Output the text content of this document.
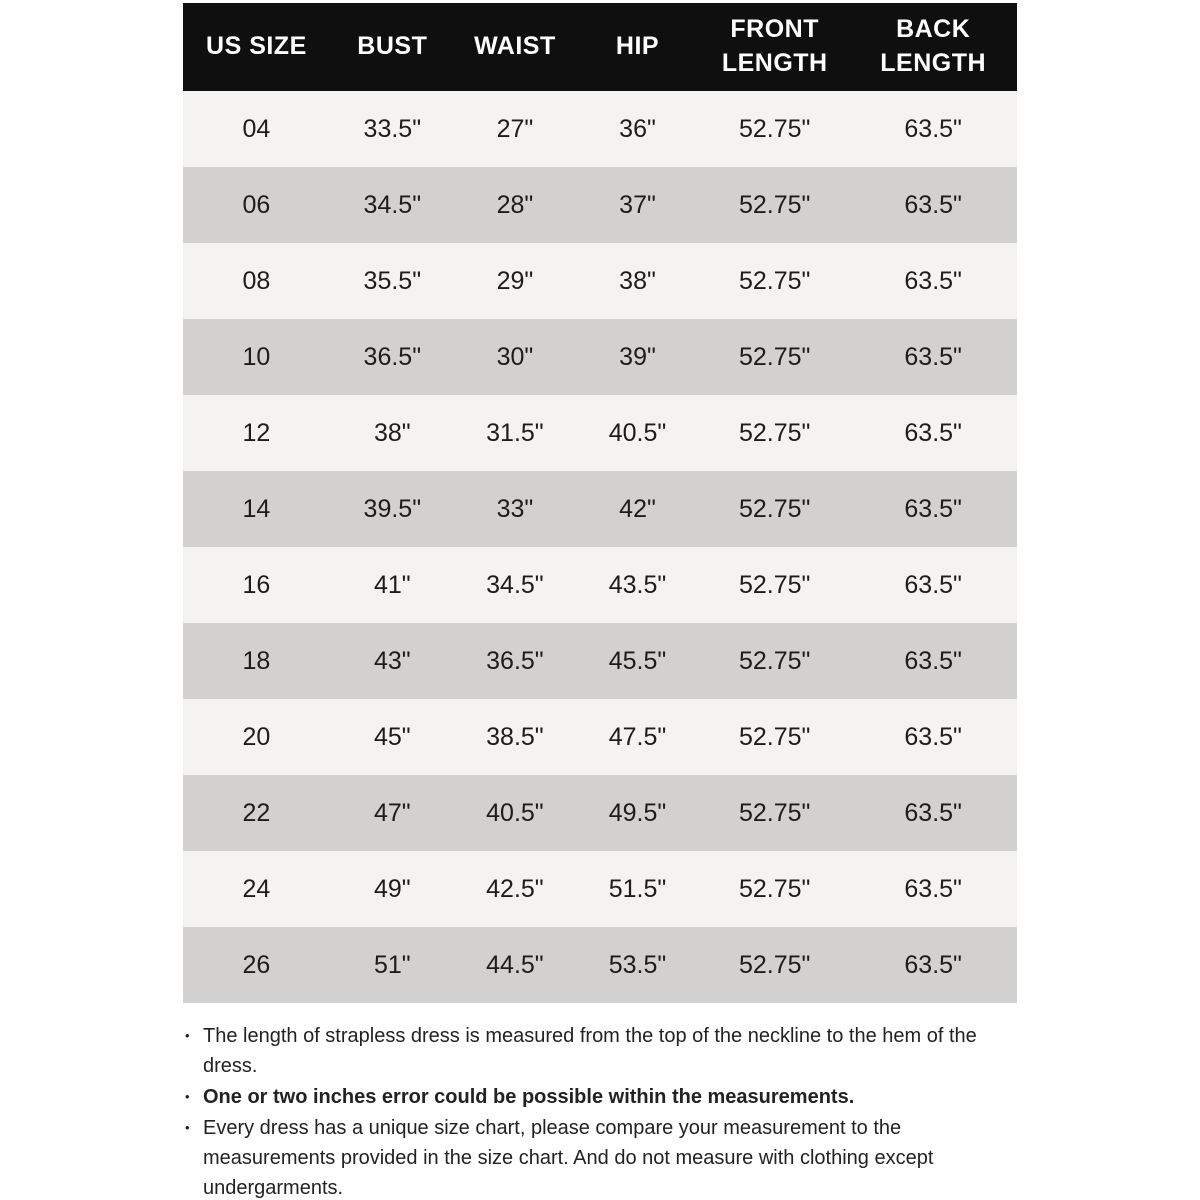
US SIZE	BUST	WAIST	HIP	FRONT LENGTH	BACK LENGTH
04	33.5"	27"	36"	52.75"	63.5"
06	34.5"	28"	37"	52.75"	63.5"
08	35.5"	29"	38"	52.75"	63.5"
10	36.5"	30"	39"	52.75"	63.5"
12	38"	31.5"	40.5"	52.75"	63.5"
14	39.5"	33"	42"	52.75"	63.5"
16	41"	34.5"	43.5"	52.75"	63.5"
18	43"	36.5"	45.5"	52.75"	63.5"
20	45"	38.5"	47.5"	52.75"	63.5"
22	47"	40.5"	49.5"	52.75"	63.5"
24	49"	42.5"	51.5"	52.75"	63.5"
26	51"	44.5"	53.5"	52.75"	63.5"
• The length of strapless dress is measured from the top of the neckline to the hem of the dress.
• One or two inches error could be possible within the measurements.
• Every dress has a unique size chart, please compare your measurement to the measurements provided in the size chart. And do not measure with clothing except undergarments.
